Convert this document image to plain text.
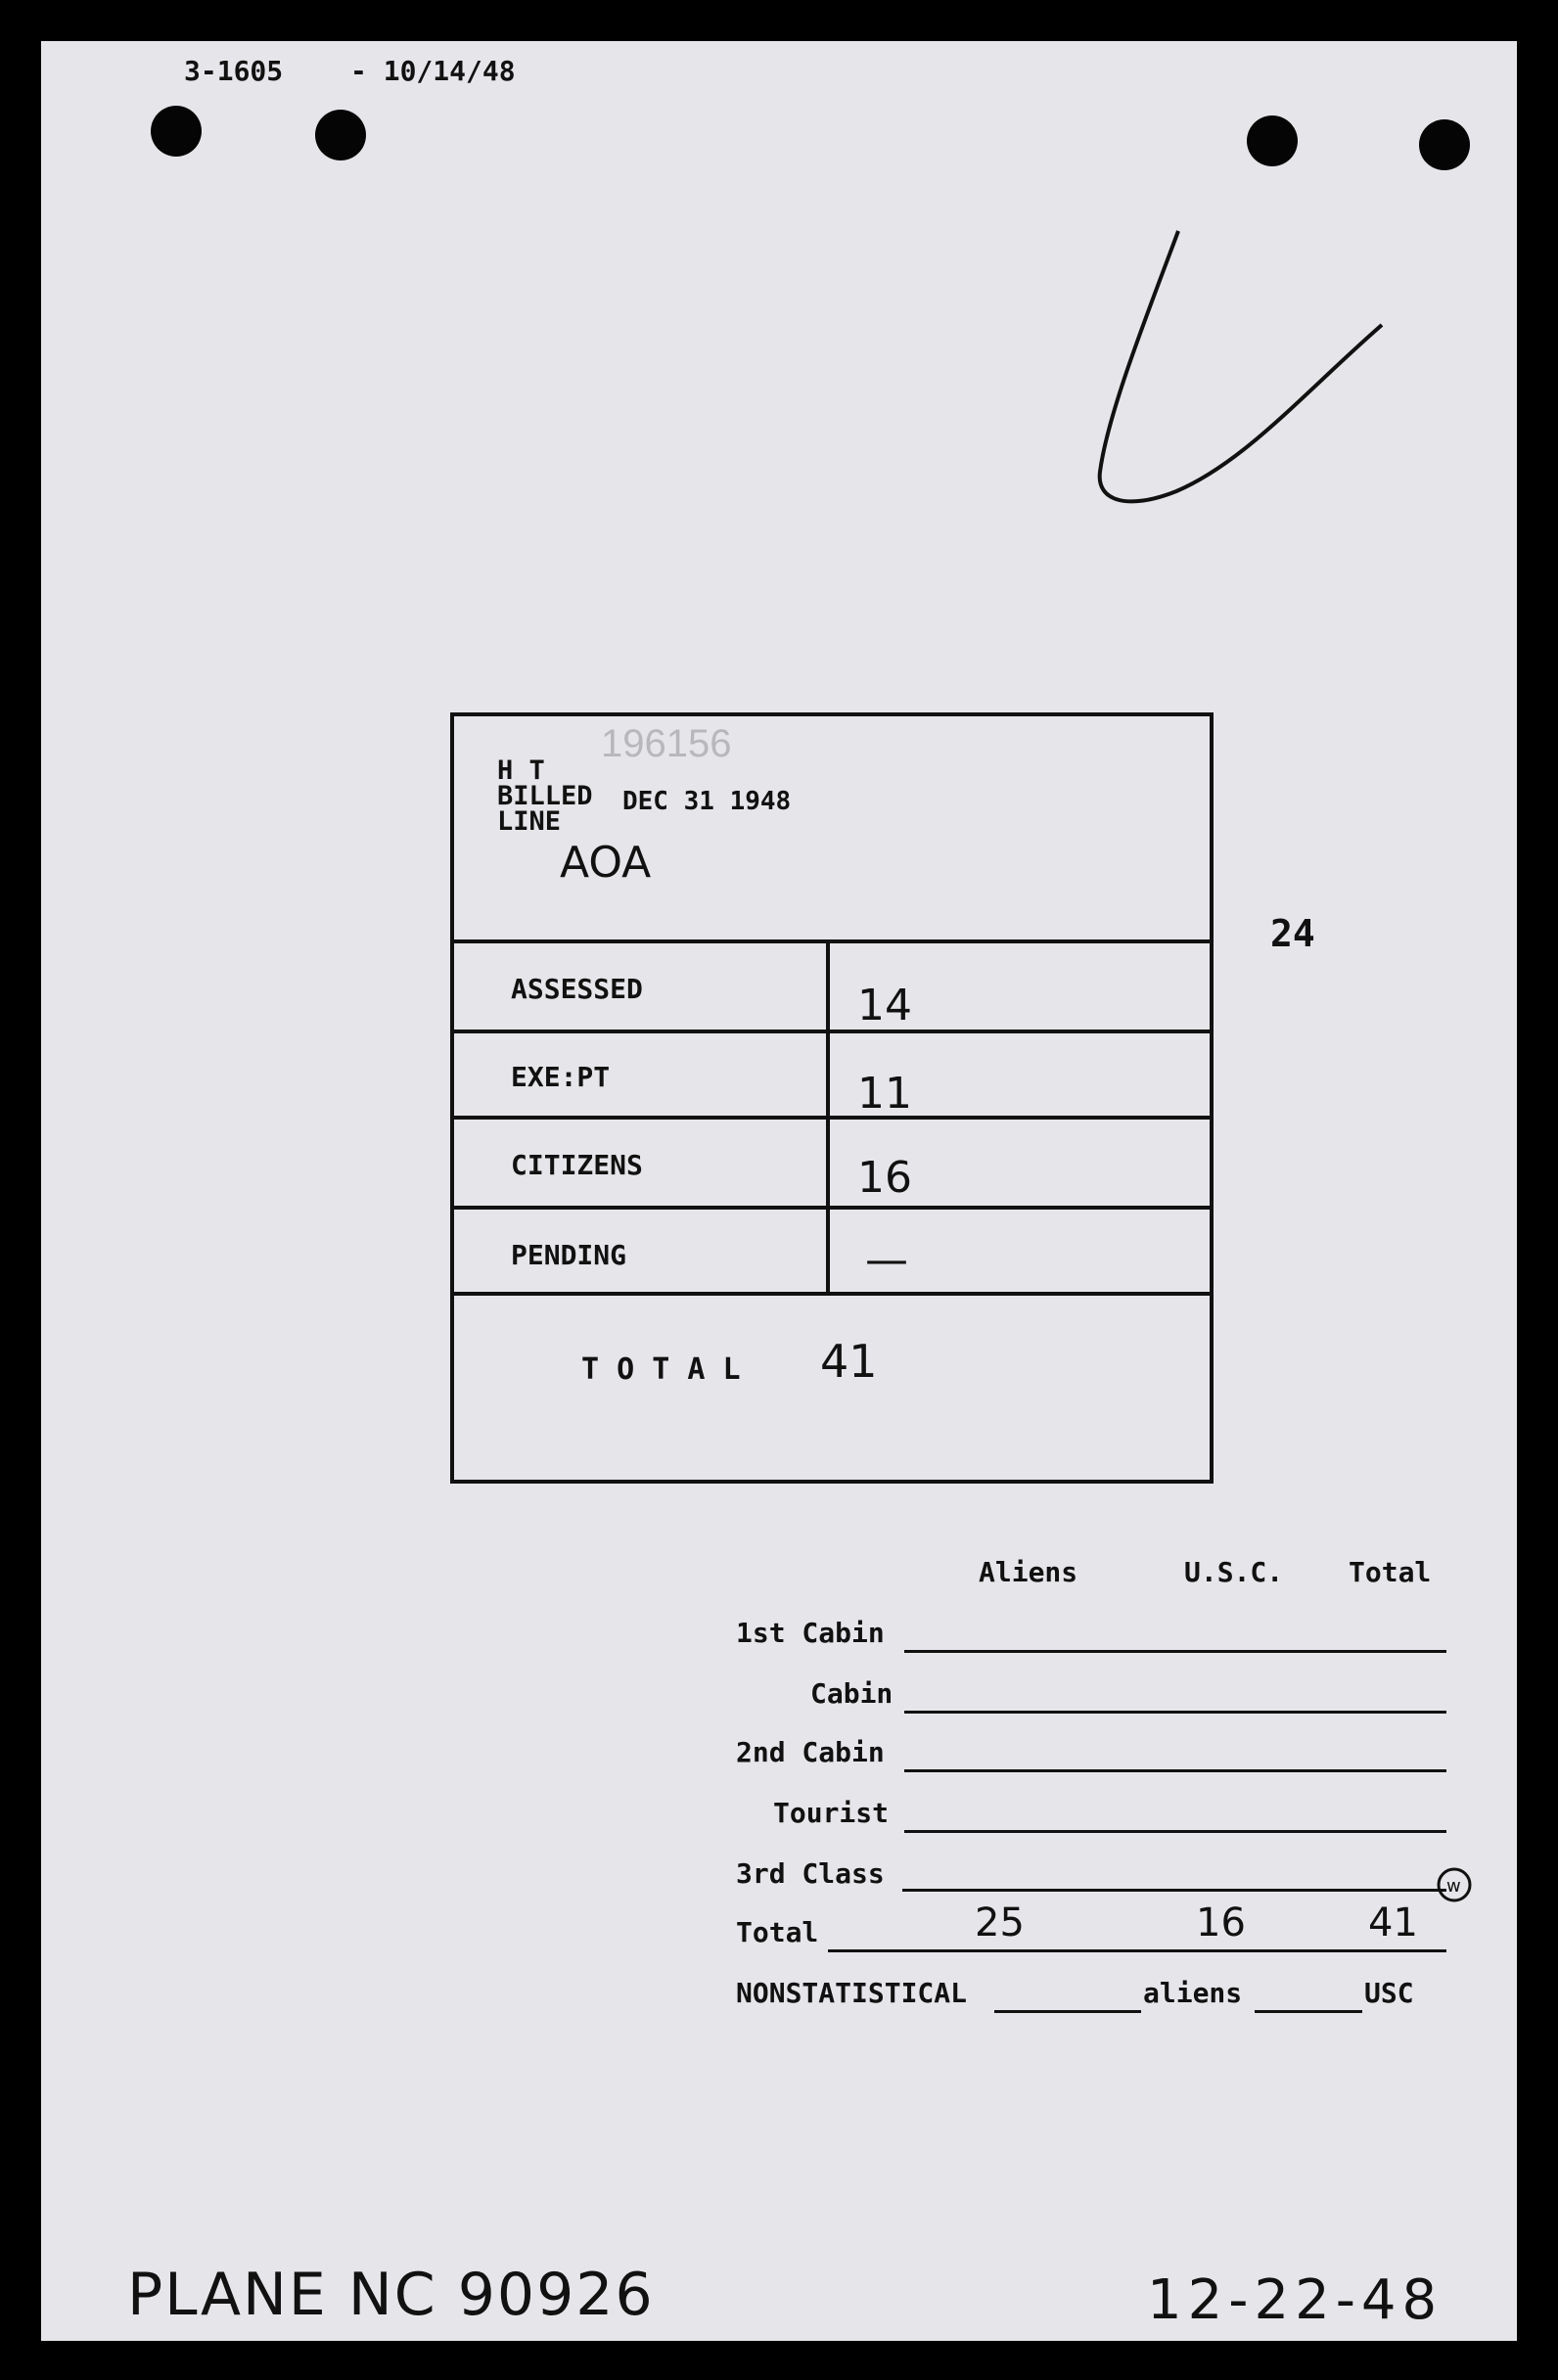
3-1605 - 10/14/48
H T
BILLED
LINE
196156
DEC 31 1948
AOA
ASSESSED	14
EXE:PT	11
CITIZENS	16
PENDING	—
T O T A L 41
24
Aliens	U.S.C. Total
1st Cabin
Cabin
2nd Cabin
Tourist
3rd Class	w
Total	25	16	41
NONSTATISTICAL	aliens	USC
PLANE NC 90926	12-22-48
